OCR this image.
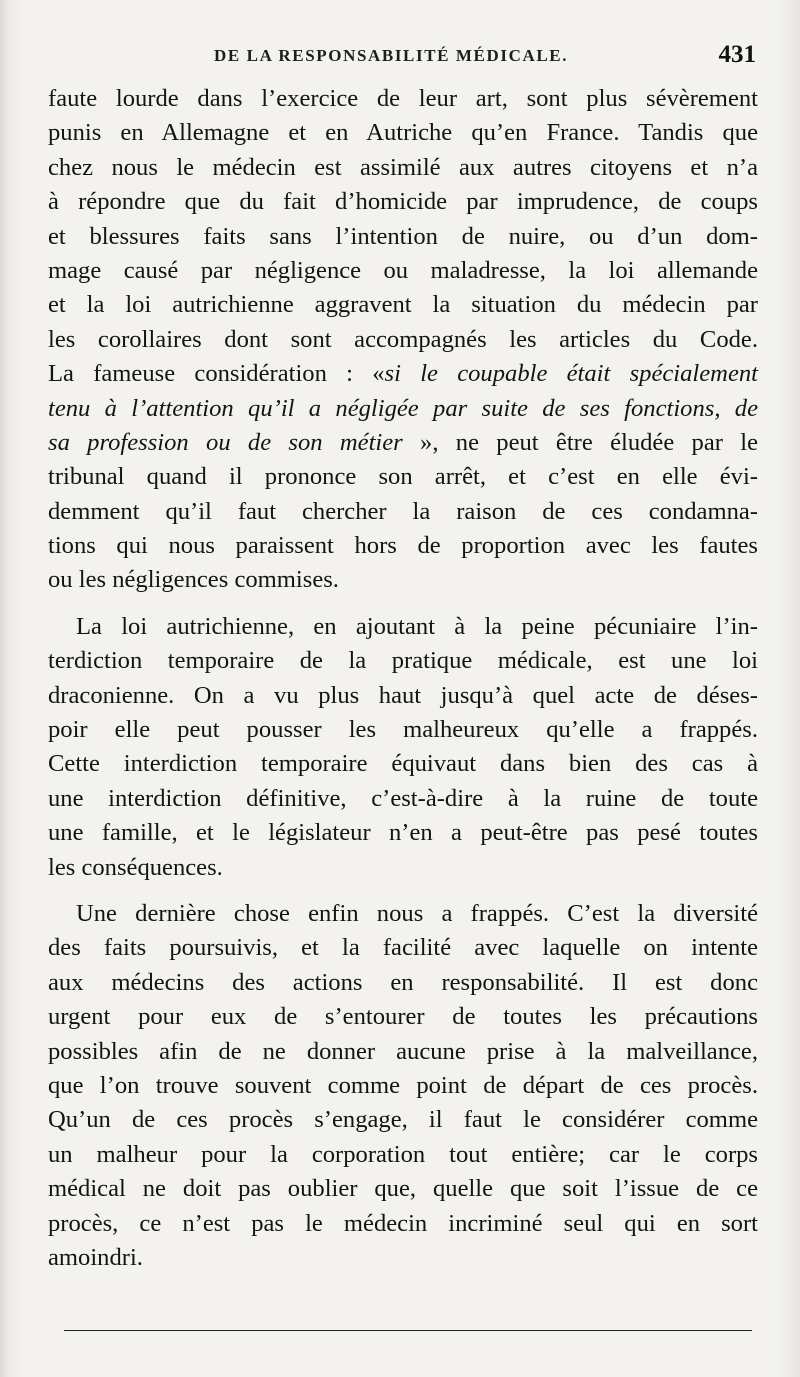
DE LA RESPONSABILITÉ MÉDICALE.	431
faute lourde dans l’exercice de leur art, sont plus sévèrement
punis en Allemagne et en Autriche qu’en France. Tandis que
chez nous le médecin est assimilé aux autres citoyens et n’a
à répondre que du fait d’homicide par imprudence, de coups
et blessures faits sans l’intention de nuire, ou d’un dom-
mage causé par négligence ou maladresse, la loi allemande
et la loi autrichienne aggravent la situation du médecin par
les corollaires dont sont accompagnés les articles du Code.
La fameuse considération : «si le coupable était spécialement
tenu à l’attention qu’il a négligée par suite de ses fonctions, de
sa profession ou de son métier », ne peut être éludée par le
tribunal quand il prononce son arrêt, et c’est en elle évi-
demment qu’il faut chercher la raison de ces condamna-
tions qui nous paraissent hors de proportion avec les fautes
ou les négligences commises.
La loi autrichienne, en ajoutant à la peine pécuniaire l’in-
terdiction temporaire de la pratique médicale, est une loi
draconienne. On a vu plus haut jusqu’à quel acte de déses-
poir elle peut pousser les malheureux qu’elle a frappés.
Cette interdiction temporaire équivaut dans bien des cas à
une interdiction définitive, c’est-à-dire à la ruine de toute
une famille, et le législateur n’en a peut-être pas pesé toutes
les conséquences.
Une dernière chose enfin nous a frappés. C’est la diversité
des faits poursuivis, et la facilité avec laquelle on intente
aux médecins des actions en responsabilité. Il est donc
urgent pour eux de s’entourer de toutes les précautions
possibles afin de ne donner aucune prise à la malveillance,
que l’on trouve souvent comme point de départ de ces procès.
Qu’un de ces procès s’engage, il faut le considérer comme
un malheur pour la corporation tout entière; car le corps
médical ne doit pas oublier que, quelle que soit l’issue de ce
procès, ce n’est pas le médecin incriminé seul qui en sort
amoindri.
